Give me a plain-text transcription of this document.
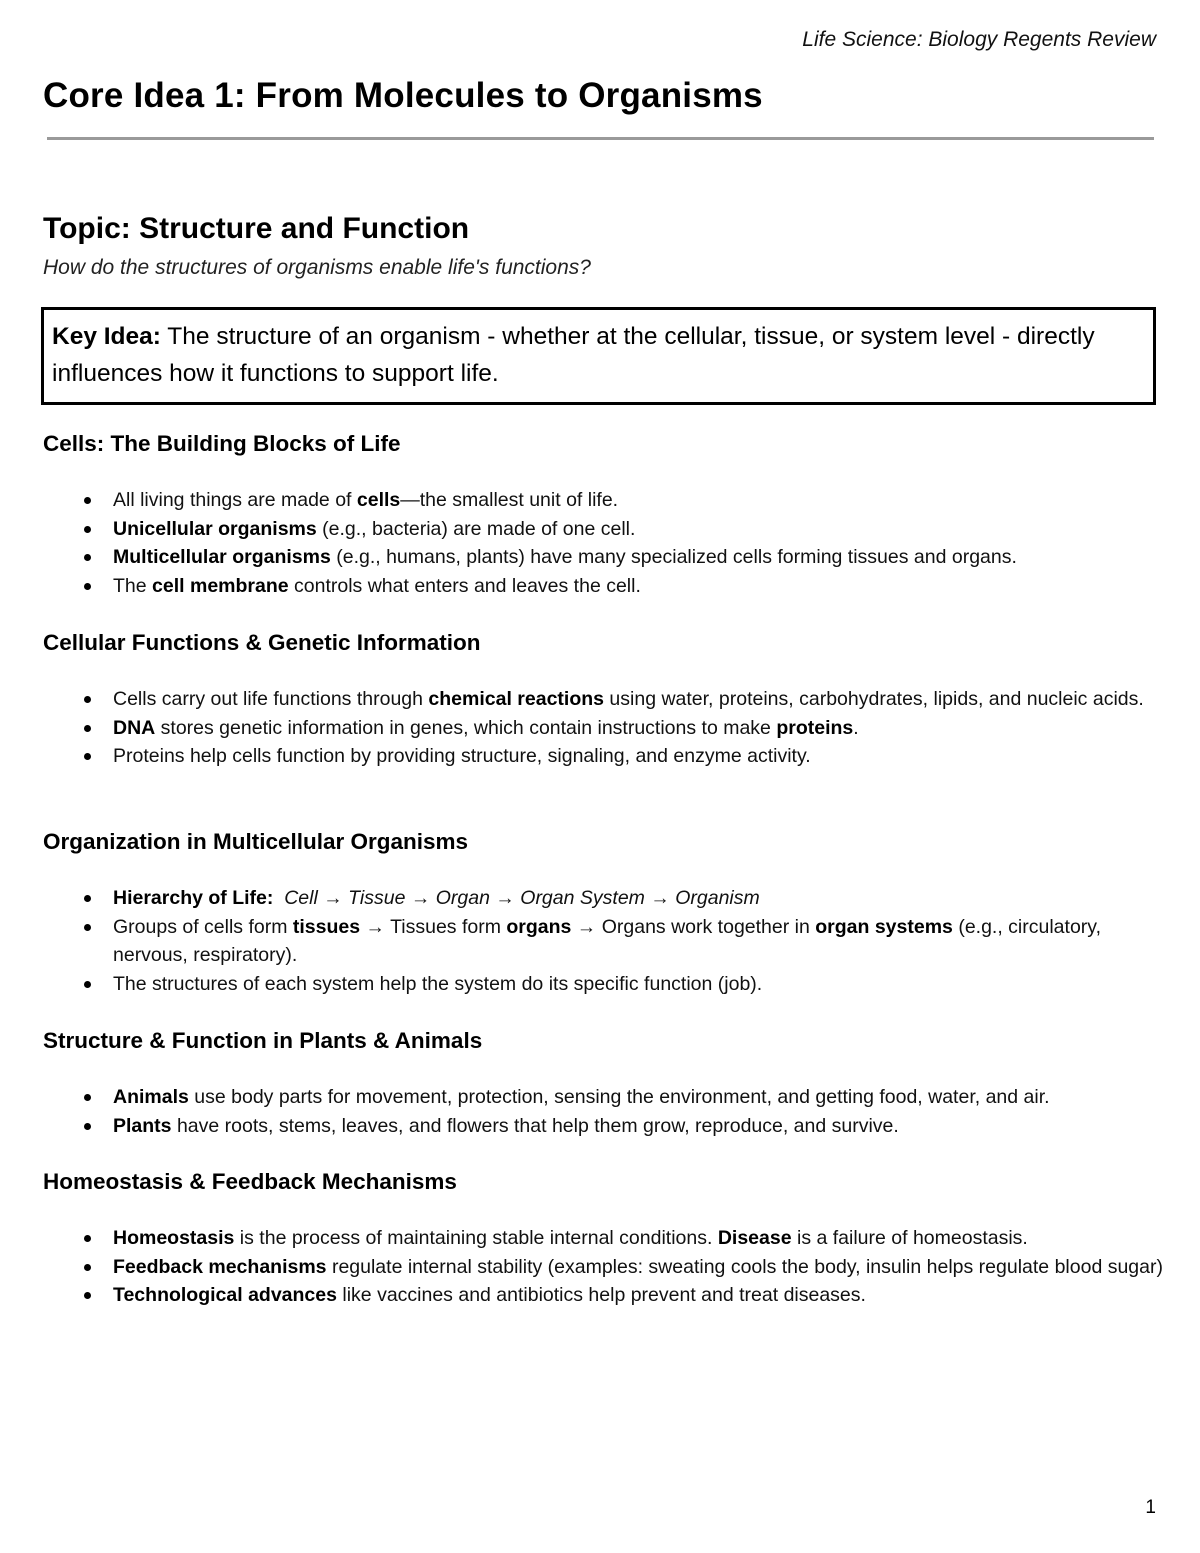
Life Science: Biology Regents Review
Core Idea 1: From Molecules to Organisms
Topic: Structure and Function

How do the structures of organisms enable life's functions?

Key Idea: The structure of an organism - whether at the cellular, tissue, or system level - directly influences how it functions to support life.
Cells: The Building Blocks of Life
All living things are made of cells—the smallest unit of life.
Unicellular organisms (e.g., bacteria) are made of one cell.
Multicellular organisms (e.g., humans, plants) have many specialized cells forming tissues and organs.
The cell membrane controls what enters and leaves the cell.
Cellular Functions & Genetic Information
Cells carry out life functions through chemical reactions using water, proteins, carbohydrates, lipids, and nucleic acids.
DNA stores genetic information in genes, which contain instructions to make proteins.
Proteins help cells function by providing structure, signaling, and enzyme activity.
Organization in Multicellular Organisms
Hierarchy of Life: Cell → Tissue → Organ → Organ System → Organism
Groups of cells form tissues → Tissues form organs → Organs work together in organ systems (e.g., circulatory, nervous, respiratory).
The structures of each system help the system do its specific function (job).
Structure & Function in Plants & Animals
Animals use body parts for movement, protection, sensing the environment, and getting food, water, and air.
Plants have roots, stems, leaves, and flowers that help them grow, reproduce, and survive.
Homeostasis & Feedback Mechanisms
Homeostasis is the process of maintaining stable internal conditions. Disease is a failure of homeostasis.
Feedback mechanisms regulate internal stability (examples: sweating cools the body, insulin helps regulate blood sugar)
Technological advances like vaccines and antibiotics help prevent and treat diseases.
1
